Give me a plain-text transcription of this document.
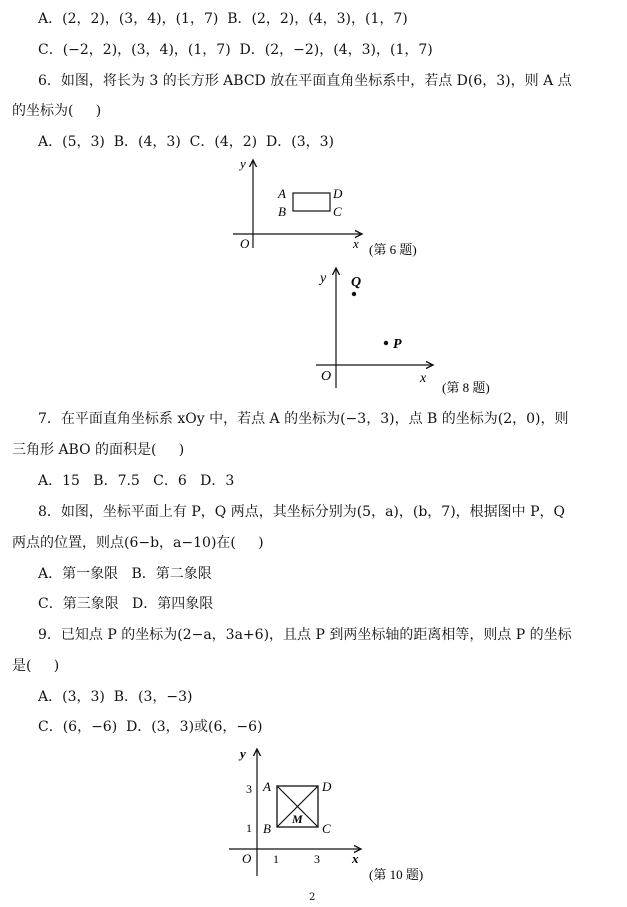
A．(2，2)，(3，4)，(1，7)  B．(2，2)，(4，3)，(1，7)
C．(−2，2)，(3，4)，(1，7)  D．(2，−2)，(4，3)，(1，7)
6．如图，将长为 3 的长方形 ABCD 放在平面直角坐标系中，若点 D(6，3)，则 A 点
的坐标为(     )
A．(5，3)  B．(4，3)  C．(4，2)  D．(3，3)
7．在平面直角坐标系 xOy 中，若点 A 的坐标为(−3，3)，点 B 的坐标为(2，0)，则
三角形 ABO 的面积是(     )
A．15   B．7.5   C．6   D．3
8．如图，坐标平面上有 P，Q 两点，其坐标分别为(5，a)，(b，7)，根据图中 P，Q
两点的位置，则点(6−b，a−10)在(     )
A．第一象限   B．第二象限
C．第三象限   D．第四象限
9．已知点 P 的坐标为(2−a，3a+6)，且点 P 到两坐标轴的距离相等，则点 P 的坐标
是(     )
A．(3，3)  B．(3，−3)
C．(6，−6)  D．(3，3)或(6，−6)
y
x
O
A
B	C
D
(第 6 题)
y
x
O
Q
P
(第 8 题)
y
x
O
3
1
1	3
A
B	C
D
M
(第 10 题)
2
